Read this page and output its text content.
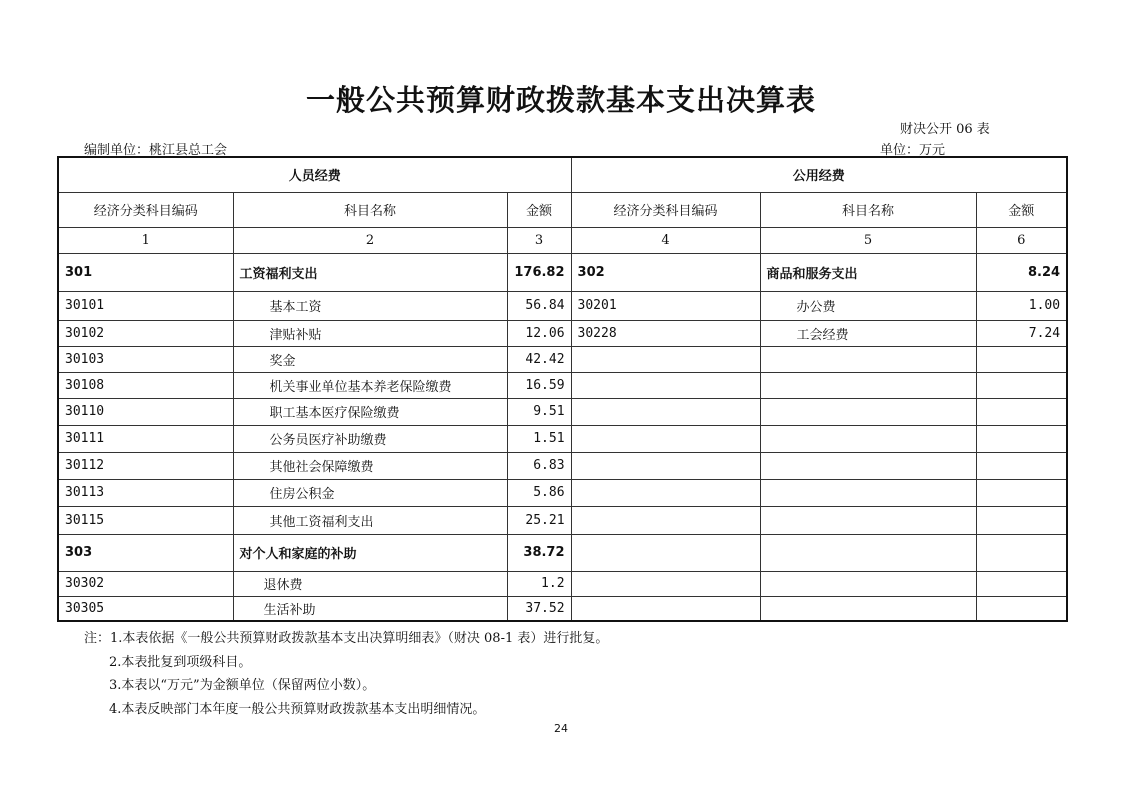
一般公共预算财政拨款基本支出决算表
财决公开 06 表
编制单位：桃江县总工会	单位：万元
人员经费			公用经费		
经济分类科目编码	科目名称	金额	经济分类科目编码	科目名称	金额
1	2	3	4	5	6
301	工资福利支出	176.82	302	商品和服务支出	8.24
30101	基本工资	56.84	30201	办公费	1.00
30102	津贴补贴	12.06	30228	工会经费	7.24
30103	奖金	42.42			
30108	机关事业单位基本养老保险缴费	16.59			
30110	职工基本医疗保险缴费	9.51			
30111	公务员医疗补助缴费	1.51			
30112	其他社会保障缴费	6.83			
30113	住房公积金	5.86			
30115	其他工资福利支出	25.21			
303	对个人和家庭的补助	38.72			
30302	退休费	1.2			
30305	生活补助	37.52			
注：1.本表依据《一般公共预算财政拨款基本支出决算明细表》（财决 08-1 表）进行批复。
2.本表批复到项级科目。
3.本表以“万元”为金额单位（保留两位小数）。
4.本表反映部门本年度一般公共预算财政拨款基本支出明细情况。
24
